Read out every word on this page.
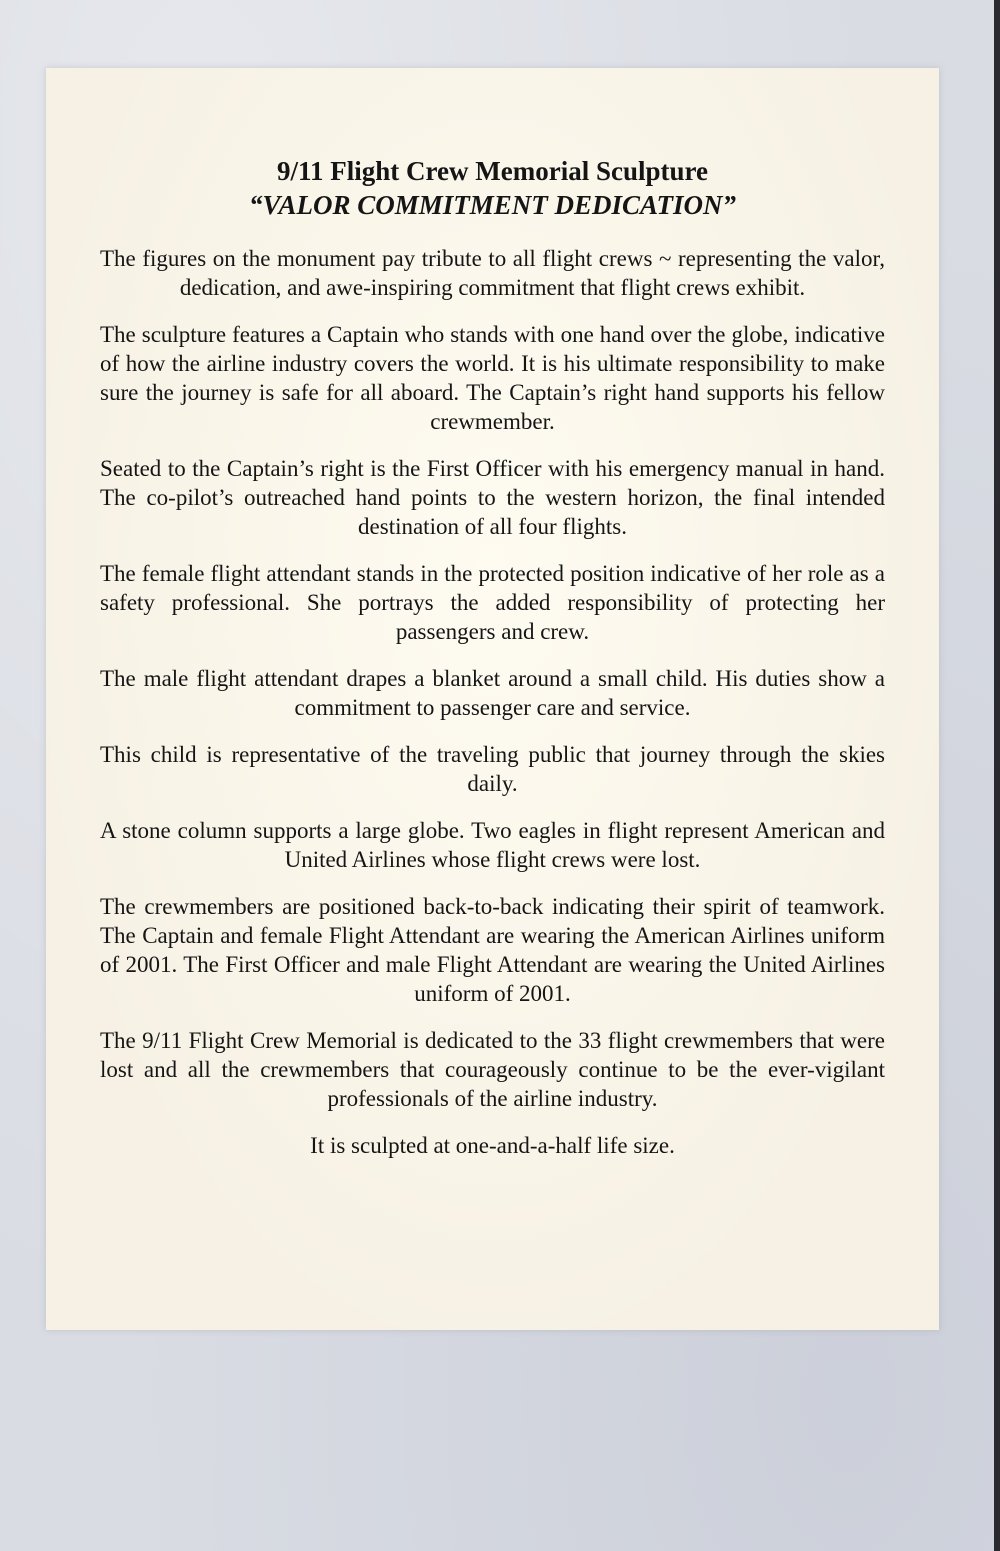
9/11 Flight Crew Memorial Sculpture
“VALOR COMMITMENT DEDICATION”

The figures on the monument pay tribute to all flight crews ~ representing the valor, dedication, and awe-inspiring commitment that flight crews exhibit.

The sculpture features a Captain who stands with one hand over the globe, indicative of how the airline industry covers the world. It is his ultimate responsibility to make sure the journey is safe for all aboard. The Captain’s right hand supports his fellow crewmember.

Seated to the Captain’s right is the First Officer with his emergency manual in hand. The co-pilot’s outreached hand points to the western horizon, the final intended destination of all four flights.

The female flight attendant stands in the protected position indicative of her role as a safety professional. She portrays the added responsibility of protecting her passengers and crew.

The male flight attendant drapes a blanket around a small child. His duties show a commitment to passenger care and service.

This child is representative of the traveling public that journey through the skies daily.

A stone column supports a large globe. Two eagles in flight represent American and United Airlines whose flight crews were lost.

The crewmembers are positioned back-to-back indicating their spirit of teamwork. The Captain and female Flight Attendant are wearing the American Airlines uniform of 2001. The First Officer and male Flight Attendant are wearing the United Airlines uniform of 2001.

The 9/11 Flight Crew Memorial is dedicated to the 33 flight crewmembers that were lost and all the crewmembers that courageously continue to be the ever-vigilant professionals of the airline industry.

It is sculpted at one-and-a-half life size.
